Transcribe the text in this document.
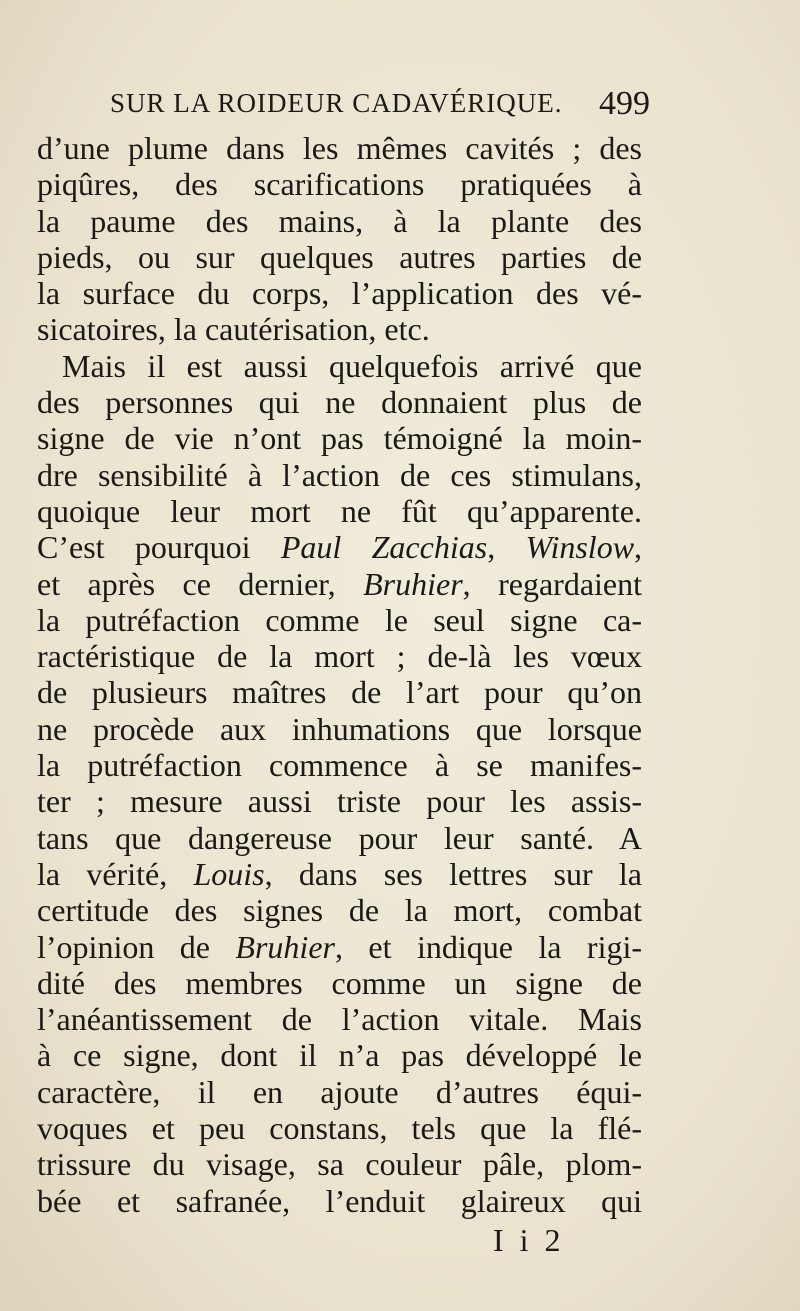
SUR LA ROIDEUR CADAVÉRIQUE. 499
d’une plume dans les mêmes cavités ; des
piqûres, des scarifications pratiquées à
la paume des mains, à la plante des
pieds, ou sur quelques autres parties de
la surface du corps, l’application des vé-
sicatoires, la cautérisation, etc.
Mais il est aussi quelquefois arrivé que
des personnes qui ne donnaient plus de
signe de vie n’ont pas témoigné la moin-
dre sensibilité à l’action de ces stimulans,
quoique leur mort ne fût qu’apparente.
C’est pourquoi Paul Zacchias, Winslow,
et après ce dernier, Bruhier, regardaient
la putréfaction comme le seul signe ca-
ractéristique de la mort ; de-là les vœux
de plusieurs maîtres de l’art pour qu’on
ne procède aux inhumations que lorsque
la putréfaction commence à se manifes-
ter ; mesure aussi triste pour les assis-
tans que dangereuse pour leur santé. A
la vérité, Louis, dans ses lettres sur la
certitude des signes de la mort, combat
l’opinion de Bruhier, et indique la rigi-
dité des membres comme un signe de
l’anéantissement de l’action vitale. Mais
à ce signe, dont il n’a pas développé le
caractère, il en ajoute d’autres équi-
voques et peu constans, tels que la flé-
trissure du visage, sa couleur pâle, plom-
bée et safranée, l’enduit glaireux qui
I i 2
